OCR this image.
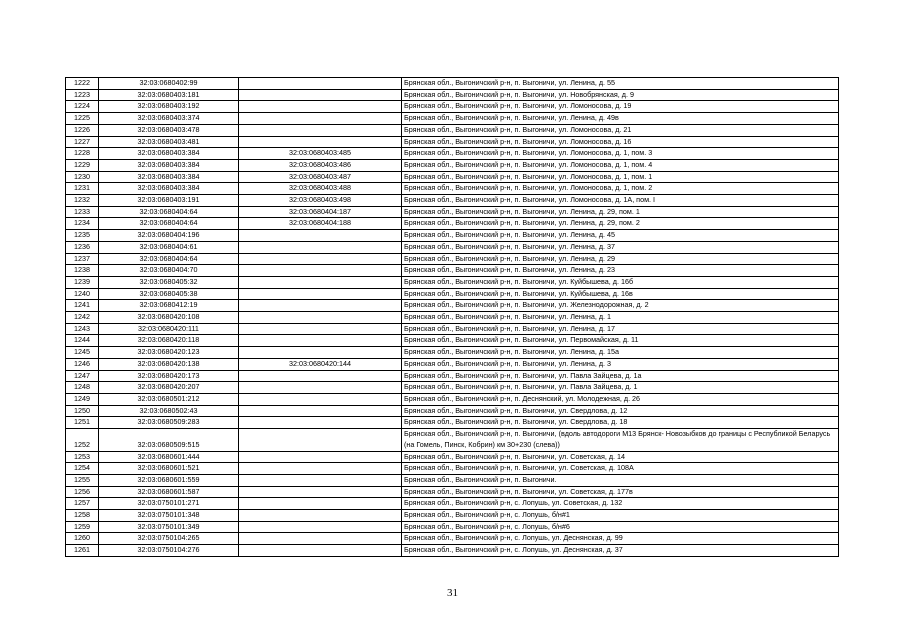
1222	32:03:0680402:99		Брянская обл., Выгоничский р-н, п. Выгоничи, ул. Ленина, д. 55
1223	32:03:0680403:181		Брянская обл., Выгоничский р-н, п. Выгоничи, ул. Новобрянская, д. 9
1224	32:03:0680403:192		Брянская обл., Выгоничский р-н, п. Выгоничи, ул. Ломоносова, д. 19
1225	32:03:0680403:374		Брянская обл., Выгоничский р-н, п. Выгоничи, ул. Ленина, д. 49в
1226	32:03:0680403:478		Брянская обл., Выгоничский р-н, п. Выгоничи, ул. Ломоносова, д. 21
1227	32:03:0680403:481		Брянская обл., Выгоничский р-н, п. Выгоничи, ул. Ломоносова, д. 16
1228	32:03:0680403:384	32:03:0680403:485	Брянская обл., Выгоничский р-н, п. Выгоничи, ул. Ломоносова, д. 1, пом. 3
1229	32:03:0680403:384	32:03:0680403:486	Брянская обл., Выгоничский р-н, п. Выгоничи, ул. Ломоносова, д. 1, пом. 4
1230	32:03:0680403:384	32:03:0680403:487	Брянская обл., Выгоничский р-н, п. Выгоничи, ул. Ломоносова, д. 1, пом. 1
1231	32:03:0680403:384	32:03:0680403:488	Брянская обл., Выгоничский р-н, п. Выгоничи, ул. Ломоносова, д. 1, пом. 2
1232	32:03:0680403:191	32:03:0680403:498	Брянская обл., Выгоничский р-н, п. Выгоничи, ул. Ломоносова, д. 1А, пом. I
1233	32:03:0680404:64	32:03:0680404:187	Брянская обл., Выгоничский р-н, п. Выгоничи, ул. Ленина, д. 29, пом. 1
1234	32:03:0680404:64	32:03:0680404:188	Брянская обл., Выгоничский р-н, п. Выгоничи, ул. Ленина, д. 29, пом. 2
1235	32:03:0680404:196		Брянская обл., Выгоничский р-н, п. Выгоничи, ул. Ленина, д. 45
1236	32:03:0680404:61		Брянская обл., Выгоничский р-н, п. Выгоничи, ул. Ленина, д. 37
1237	32:03:0680404:64		Брянская обл., Выгоничский р-н, п. Выгоничи, ул. Ленина, д. 29
1238	32:03:0680404:70		Брянская обл., Выгоничский р-н, п. Выгоничи, ул. Ленина, д. 23
1239	32:03:0680405:32		Брянская обл., Выгоничский р-н, п. Выгоничи, ул. Куйбышева, д. 16б
1240	32:03:0680405:38		Брянская обл., Выгоничский р-н, п. Выгоничи, ул. Куйбышева, д. 16в
1241	32:03:0680412:19		Брянская обл., Выгоничский р-н, п. Выгоничи, ул. Железнодорожная, д. 2
1242	32:03:0680420:108		Брянская обл., Выгоничский р-н, п. Выгоничи, ул. Ленина, д. 1
1243	32:03:0680420:111		Брянская обл., Выгоничский р-н, п. Выгоничи, ул. Ленина, д. 17
1244	32:03:0680420:118		Брянская обл., Выгоничский р-н, п. Выгоничи, ул. Первомайская, д. 11
1245	32:03:0680420:123		Брянская обл., Выгоничский р-н, п. Выгоничи, ул. Ленина, д. 15а
1246	32:03:0680420:138	32:03:0680420:144	Брянская обл., Выгоничский р-н, п. Выгоничи, ул. Ленина, д. 3
1247	32:03:0680420:173		Брянская обл., Выгоничский р-н, п. Выгоничи, ул. Павла Зайцева, д. 1а
1248	32:03:0680420:207		Брянская обл., Выгоничский р-н, п. Выгоничи, ул. Павла Зайцева, д. 1
1249	32:03:0680501:212		Брянская обл., Выгоничский р-н, п. Деснянский, ул. Молодежная, д. 26
1250	32:03:0680502:43		Брянская обл., Выгоничский р-н, п. Выгоничи, ул. Свердлова, д. 12
1251	32:03:0680509:283		Брянская обл., Выгоничский р-н, п. Выгоничи, ул. Свердлова, д. 18
1252	32:03:0680509:515		Брянская обл., Выгоничский р-н, п. Выгоничи, (вдоль автодороги М13 Брянск- Новозыбков до границы с Республикой Беларусь (на Гомель, Пинск, Кобрин) км 30+230 (слева))
1253	32:03:0680601:444		Брянская обл., Выгоничский р-н, п. Выгоничи, ул. Советская, д. 14
1254	32:03:0680601:521		Брянская обл., Выгоничский р-н, п. Выгоничи, ул. Советская, д. 108А
1255	32:03:0680601:559		Брянская обл., Выгоничский р-н, п. Выгоничи.
1256	32:03:0680601:587		Брянская обл., Выгоничский р-н, п. Выгоничи, ул. Советская, д. 177в
1257	32:03:0750101:271		Брянская обл., Выгоничский р-н, с. Лопушь, ул. Советская, д. 132
1258	32:03:0750101:348		Брянская обл., Выгоничский р-н, с. Лопушь, б/н#1
1259	32:03:0750101:349		Брянская обл., Выгоничский р-н, с. Лопушь, б/н#6
1260	32:03:0750104:265		Брянская обл., Выгоничский р-н, с. Лопушь, ул. Деснянская, д. 99
1261	32:03:0750104:276		Брянская обл., Выгоничский р-н, с. Лопушь, ул. Деснянская, д. 37
31
